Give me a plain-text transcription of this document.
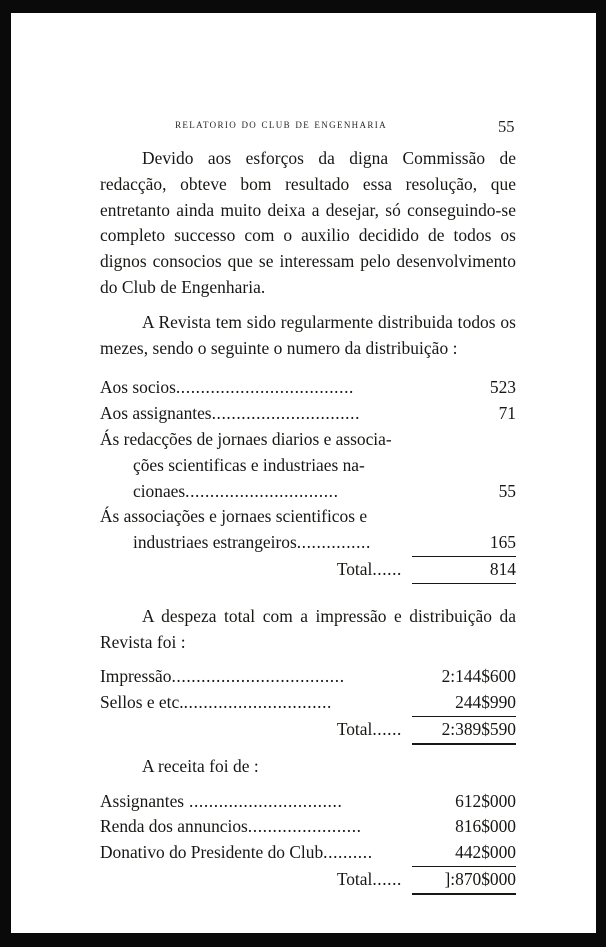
relatorio do club de engenharia	55

Devido aos esforços da digna Commissão de redacção, obteve bom resultado essa resolução, que entretanto ainda muito deixa a desejar, só conseguindo-se completo successo com o auxilio decidido de todos os dignos consocios que se interessam pelo desenvolvimento do Club de Engenharia.

A Revista tem sido regularmente distribuida todos os mezes, sendo o seguinte o numero da distribuição :

Aos socios....................................	523
Aos assignantes..............................	71
Ás redacções de jornaes diarios e associa-	
ções scientificas e industriaes na-	
cionaes...............................	55
Ás associações e jornaes scientificos e	
industriaes estrangeiros...............	165
Total......	814

A despeza total com a impressão e distribuição da Revista foi :

Impressão...................................	2:144$600
Sellos e etc...............................	244$990
Total......	2:389$590

A receita foi de :

Assignantes ...............................	612$000
Renda dos annuncios.......................	816$000
Donativo do Presidente do Club..........	442$000
Total......	]:870$000
